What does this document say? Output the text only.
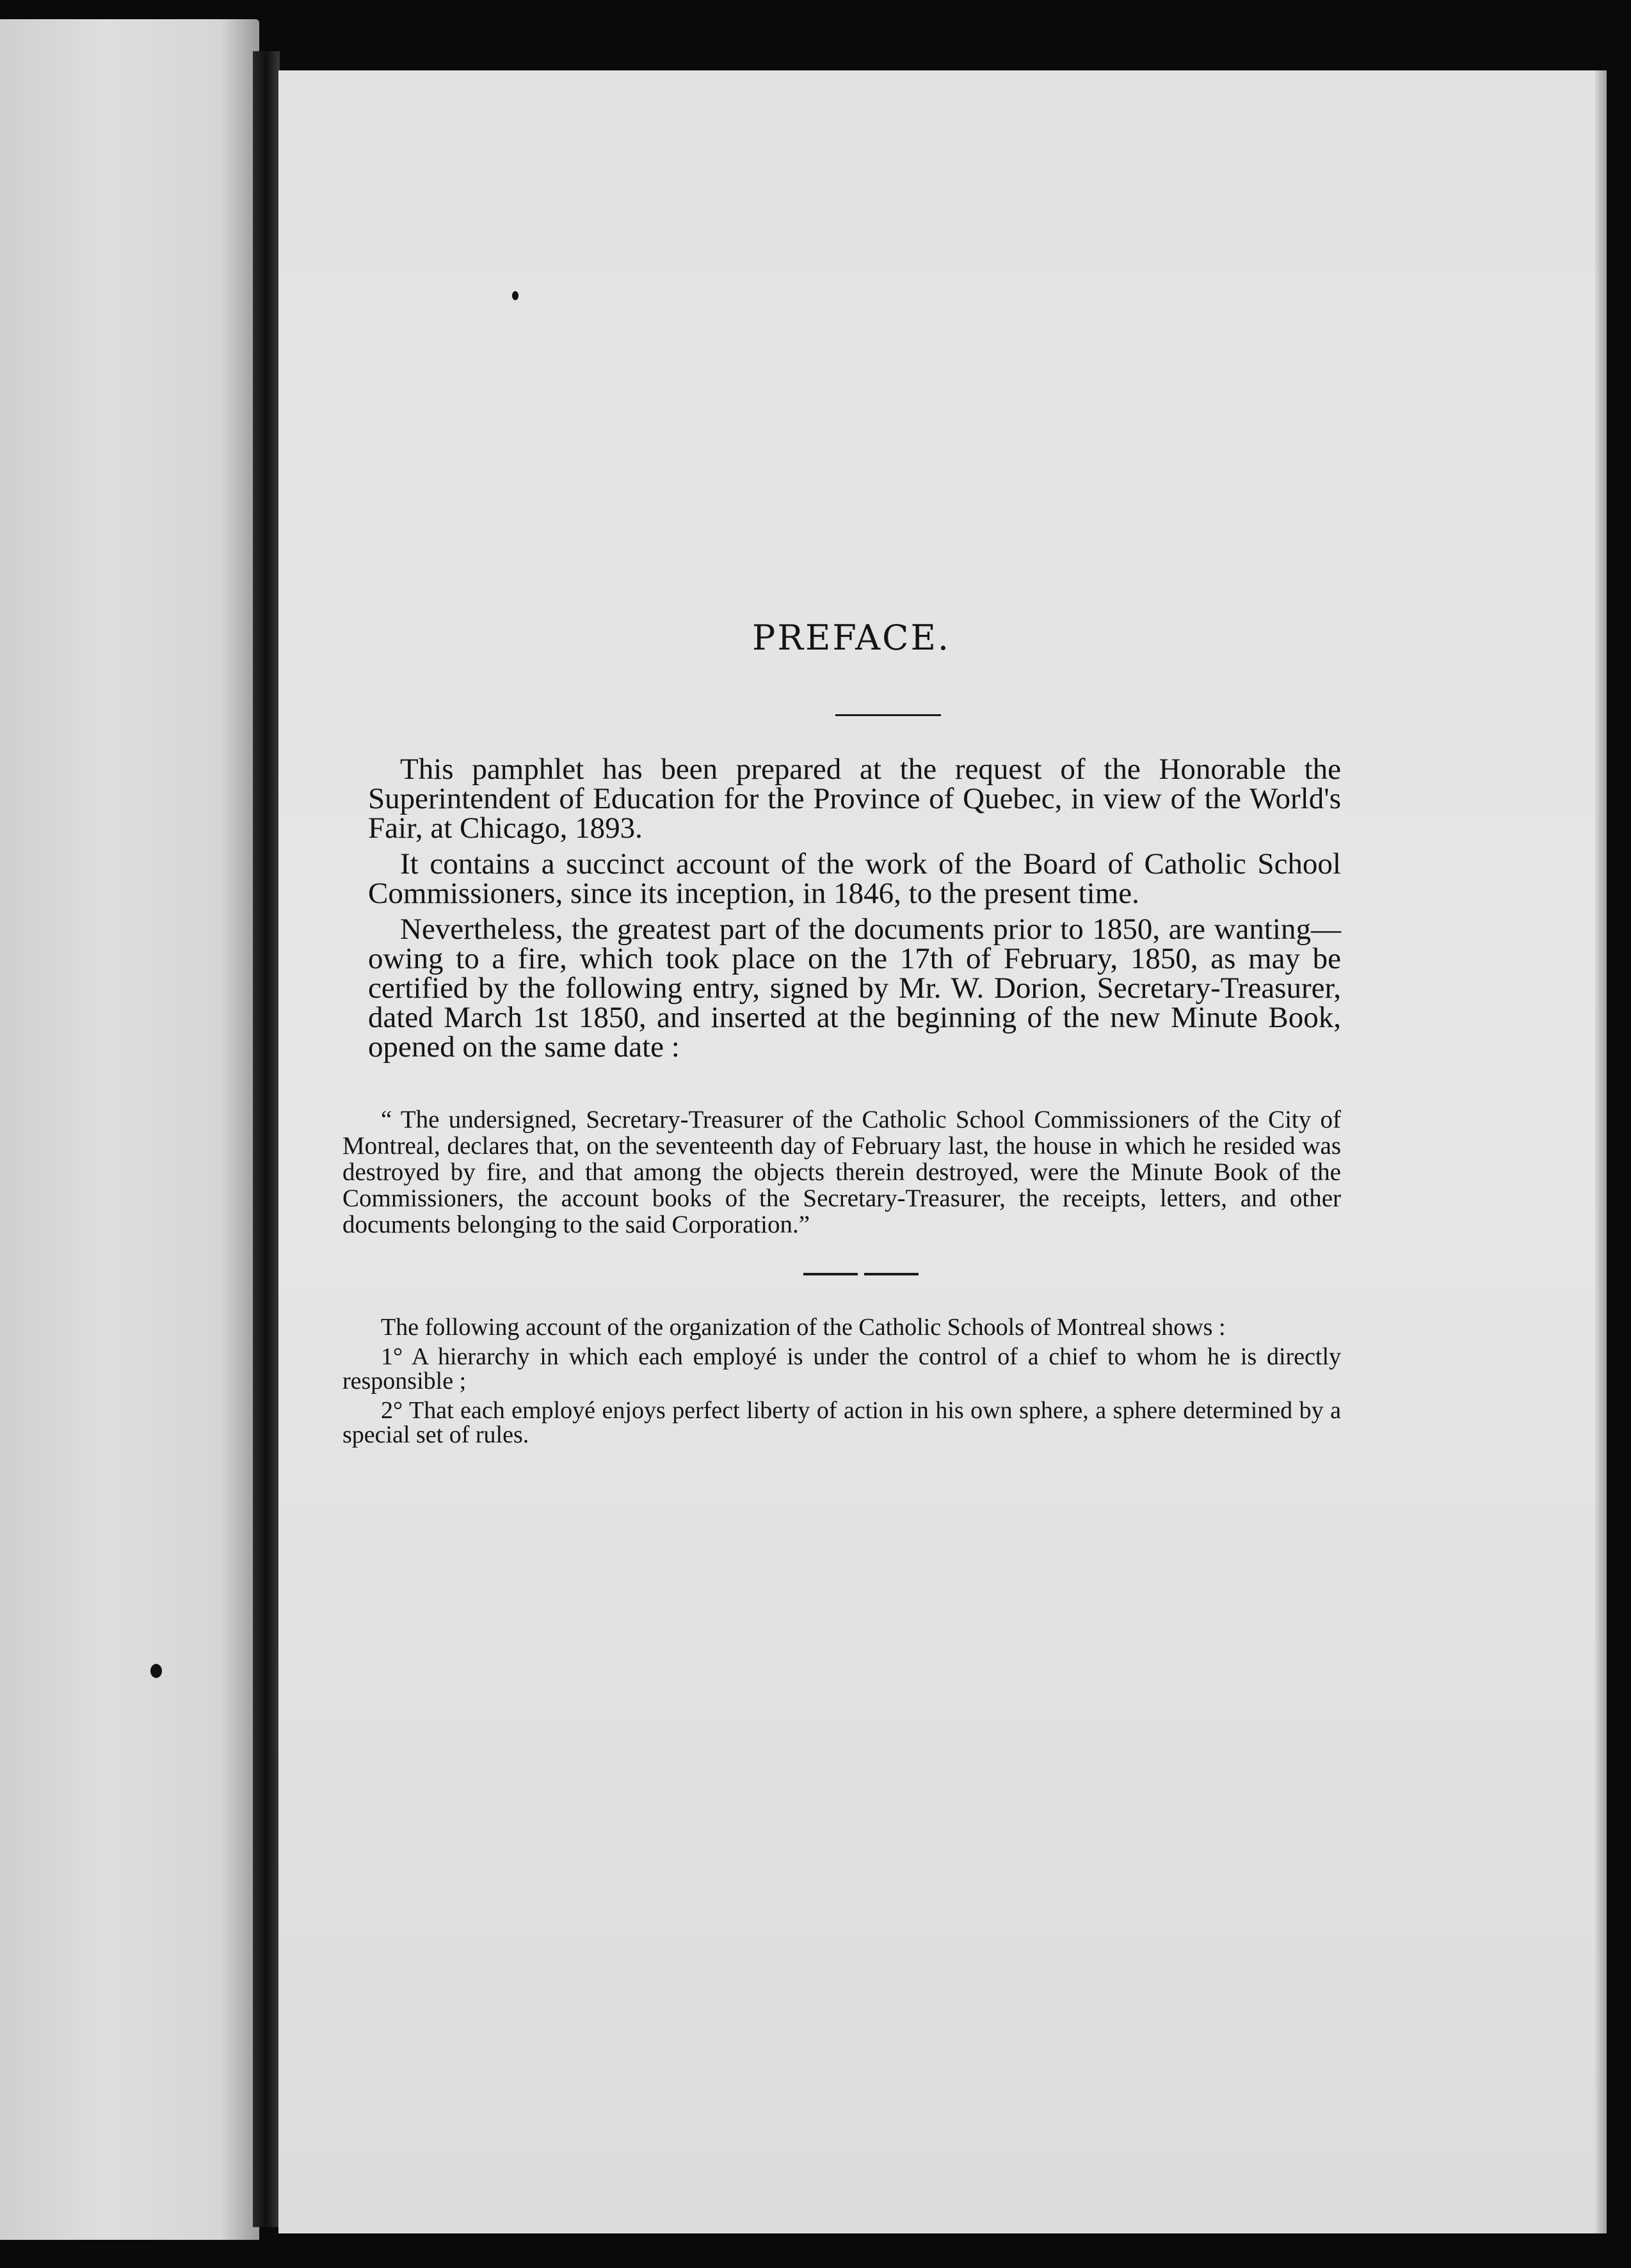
PREFACE.

This pamphlet has been prepared at the request of the Honorable the Superintendent of Education for the Province of Quebec, in view of the World's Fair, at Chicago, 1893.

It contains a succinct account of the work of the Board of Catholic School Commissioners, since its inception, in 1846, to the present time.

Nevertheless, the greatest part of the documents prior to 1850, are wanting—owing to a fire, which took place on the 17th of February, 1850, as may be certified by the following entry, signed by Mr. W. Dorion, Secretary-Treasurer, dated March 1st 1850, and inserted at the beginning of the new Minute Book, opened on the same date :

“ The undersigned, Secretary-Treasurer of the Catholic School Commissioners of the City of Montreal, declares that, on the seventeenth day of February last, the house in which he resided was destroyed by fire, and that among the objects therein destroyed, were the Minute Book of the Commissioners, the account books of the Secretary-Treasurer, the receipts, letters, and other documents belonging to the said Corporation.”

The following account of the organization of the Catholic Schools of Montreal shows :

1° A hierarchy in which each employé is under the control of a chief to whom he is directly responsible ;

2° That each employé enjoys perfect liberty of action in his own sphere, a sphere determined by a special set of rules.
